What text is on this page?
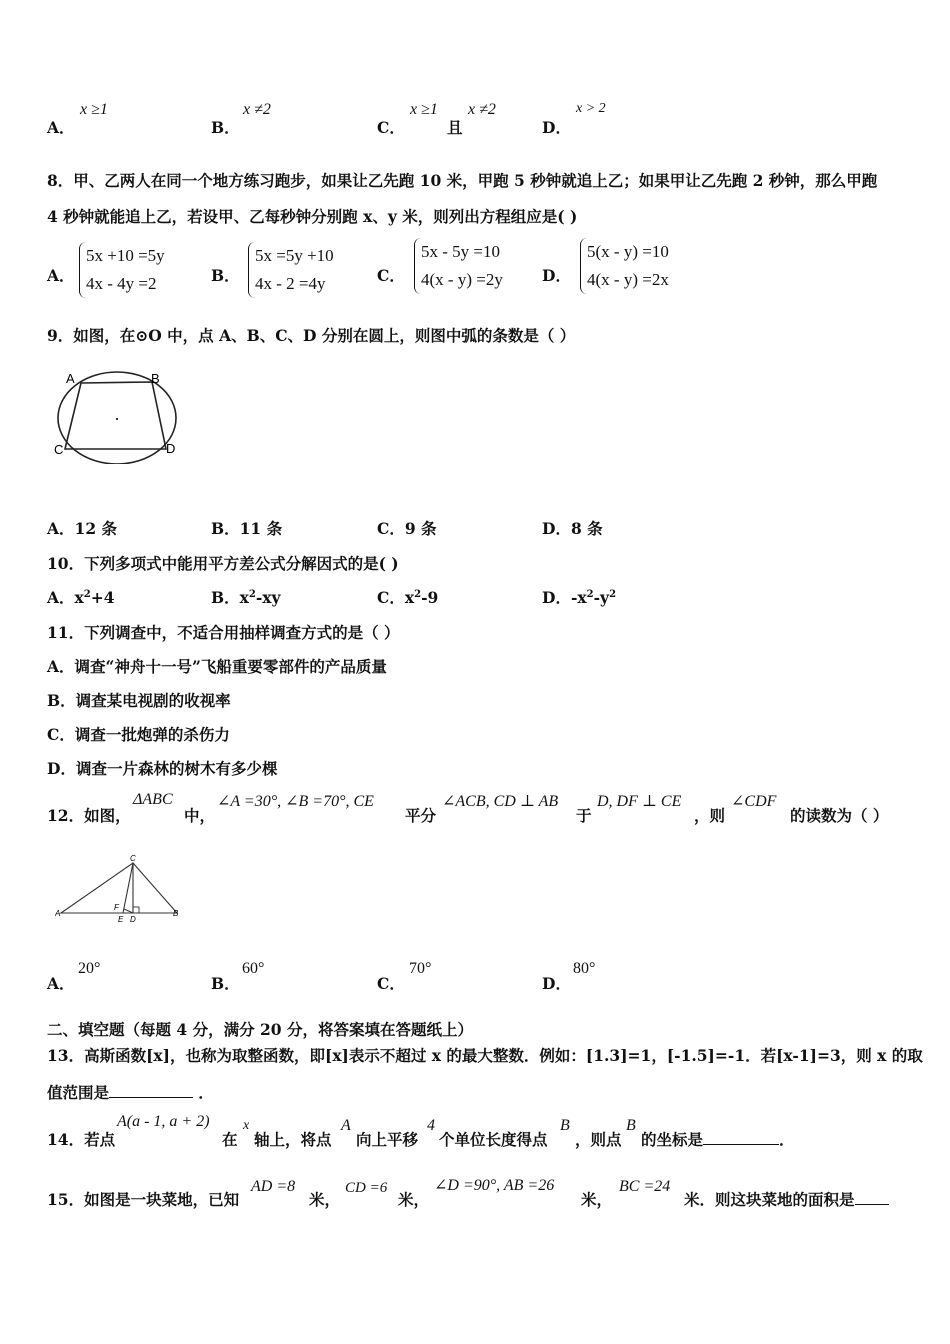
A．
x ≥1
B．
x ≠2
C．
x ≥1
且
x ≠2
D．
x > 2
8．甲、乙两人在同一个地方练习跑步，如果让乙先跑 10 米，甲跑 5 秒钟就追上乙；如果甲让乙先跑 2 秒钟，那么甲跑
4 秒钟就能追上乙，若设甲、乙每秒钟分别跑 x、y 米，则列出方程组应是( )
A．
5x +10 =5y
4x - 4y =2	B．
5x =5y +10
4x - 2 =4y	C．
5x - 5y =10
4(x - y) =2y	D．
5(x - y) =10
4(x - y) =2x
9．如图，在⊙O 中，点 A、B、C、D 分别在圆上，则图中弧的条数是（ ）
A	B
C	D
A．12 条	B．11 条	C．9 条	D．8 条
10．下列多项式中能用平方差公式分解因式的是( )
A．$x^2+4$	B．$x^2-xy$	C．$x^2-9$	D．$-x^2-y^2$
11．下列调查中，不适合用抽样调查方式的是（ ）
A．调查“神舟十一号”飞船重要零部件的产品质量
B．调查某电视剧的收视率
C．调查一批炮弹的杀伤力
D．调查一片森林的树木有多少棵
12．如图，
ΔABC
中，
∠A =30°, ∠B =70°, CE
平分
∠ACB, CD ⊥ AB
于
D, DF ⊥ CE
，则
∠CDF
的读数为（ ）
C
F
A
E D
B
A．
20°
B．
60°
C．
70°
D．
80°
二、填空题（每题 4 分，满分 20 分，将答案填在答题纸上）
13．高斯函数[x]，也称为取整函数，即[x]表示不超过 x 的最大整数．例如：[1.3]=1，[-1.5]=-1．若[x-1]=3，则 x 的取
值范围是	．
14．若点
A(a - 1, a + 2)
在
x
轴上，将点
A
向上平移
4
个单位长度得点
B
，则点
B
的坐标是	．
15．如图是一块菜地，已知
AD =8
米，
CD =6
米，
∠D =90°, AB =26
米，
BC =24
米．则这块菜地的面积是
